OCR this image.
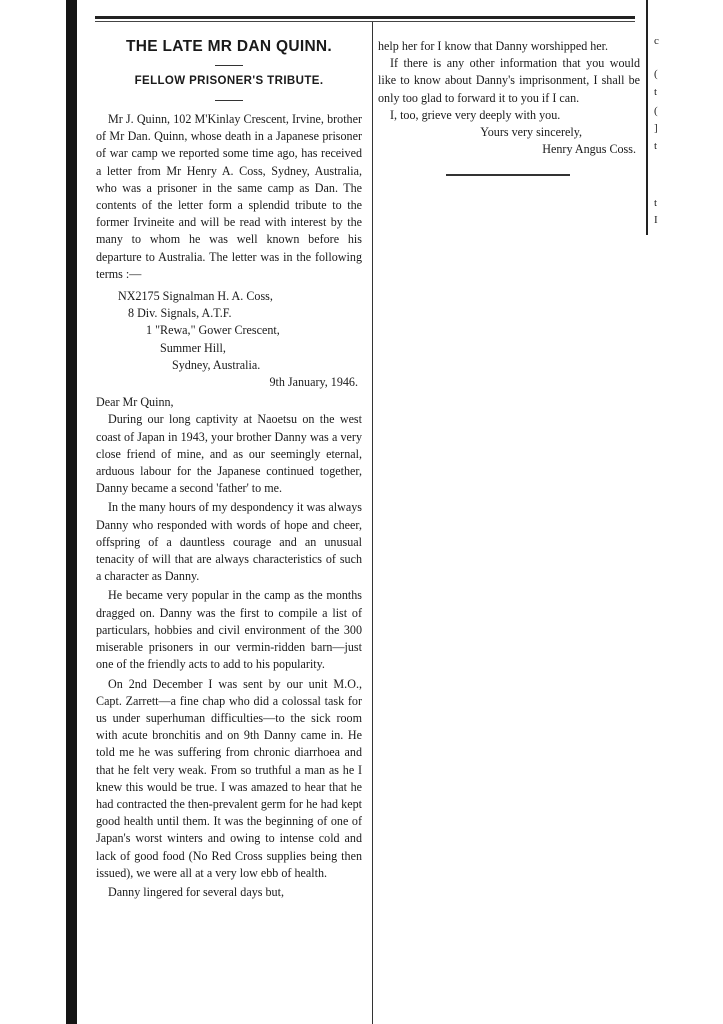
THE LATE MR DAN QUINN.
FELLOW PRISONER'S TRIBUTE.

Mr J. Quinn, 102 M'Kinlay Crescent, Irvine, brother of Mr Dan. Quinn, whose death in a Japanese prisoner of war camp we reported some time ago, has received a letter from Mr Henry A. Coss, Sydney, Australia, who was a prisoner in the same camp as Dan. The contents of the letter form a splendid tribute to the former Irvineite and will be read with interest by the many to whom he was well known before his departure to Australia. The letter was in the following terms :—

NX2175 Signalman H. A. Coss,
8 Div. Signals, A.T.F.
1 "Rewa," Gower Crescent,
Summer Hill,
Sydney, Australia.
9th January, 1946.

Dear Mr Quinn,

During our long captivity at Naoetsu on the west coast of Japan in 1943, your brother Danny was a very close friend of mine, and as our seemingly eternal, arduous labour for the Japanese continued together, Danny became a second 'father' to me.

In the many hours of my despondency it was always Danny who responded with words of hope and cheer, offspring of a dauntless courage and an unusual tenacity of will that are always characteristics of such a character as Danny.

He became very popular in the camp as the months dragged on. Danny was the first to compile a list of particulars, hobbies and civil environment of the 300 miserable prisoners in our vermin-ridden barn—just one of the friendly acts to add to his popularity.

On 2nd December I was sent by our unit M.O., Capt. Zarrett—a fine chap who did a colossal task for us under superhuman difficulties—to the sick room with acute bronchitis and on 9th Danny came in. He told me he was suffering from chronic diarrhoea and that he felt very weak. From so truthful a man as he I knew this would be true. I was amazed to hear that he had contracted the then-prevalent germ for he had kept good health until them. It was the beginning of one of Japan's worst winters and owing to intense cold and lack of good food (No Red Cross supplies being then issued), we were all at a very low ebb of health.

Danny lingered for several days but,

help her for I know that Danny worshipped her.

If there is any other information that you would like to know about Danny's imprisonment, I shall be only too glad to forward it to you if I can.

I, too, grieve very deeply with you.

Yours very sincerely,
Henry Angus Coss.
c
(
t
(
]
t
t
I
